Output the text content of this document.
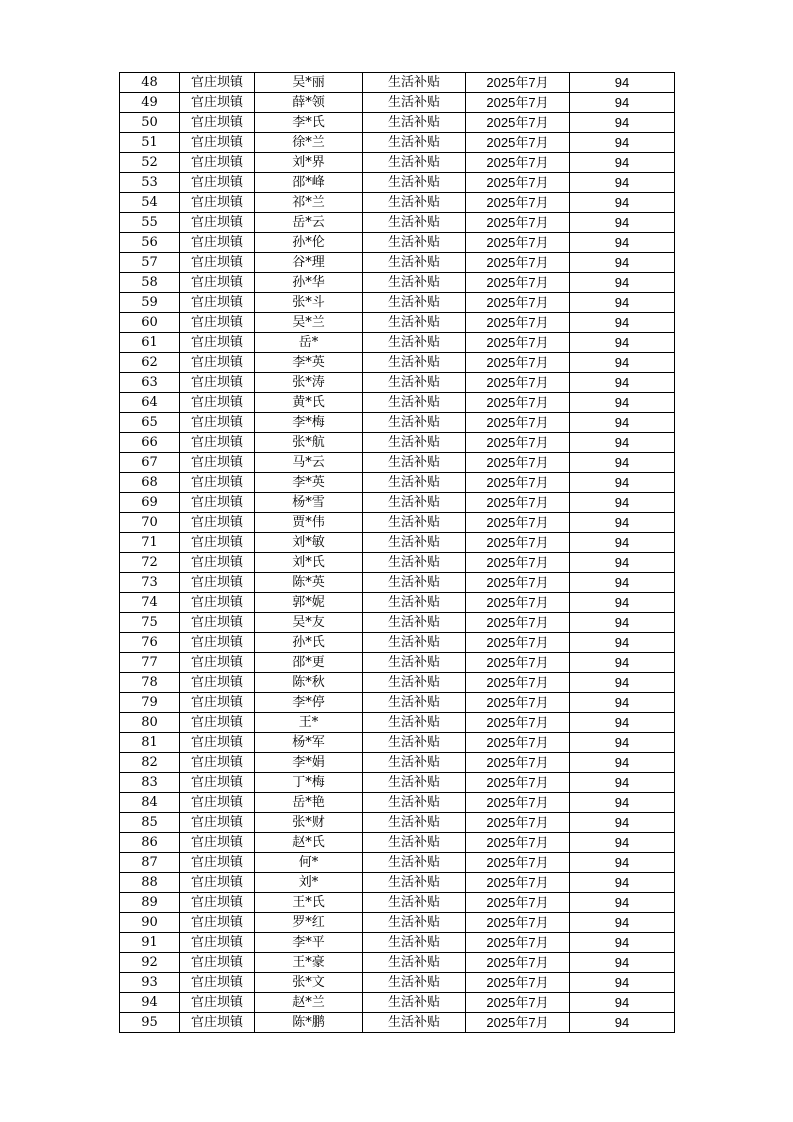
48	官庄坝镇	吴*丽	生活补贴	2025年7月	94
49	官庄坝镇	薛*领	生活补贴	2025年7月	94
50	官庄坝镇	李*氏	生活补贴	2025年7月	94
51	官庄坝镇	徐*兰	生活补贴	2025年7月	94
52	官庄坝镇	刘*界	生活补贴	2025年7月	94
53	官庄坝镇	邵*峰	生活补贴	2025年7月	94
54	官庄坝镇	祁*兰	生活补贴	2025年7月	94
55	官庄坝镇	岳*云	生活补贴	2025年7月	94
56	官庄坝镇	孙*伦	生活补贴	2025年7月	94
57	官庄坝镇	谷*理	生活补贴	2025年7月	94
58	官庄坝镇	孙*华	生活补贴	2025年7月	94
59	官庄坝镇	张*斗	生活补贴	2025年7月	94
60	官庄坝镇	吴*兰	生活补贴	2025年7月	94
61	官庄坝镇	岳*	生活补贴	2025年7月	94
62	官庄坝镇	李*英	生活补贴	2025年7月	94
63	官庄坝镇	张*涛	生活补贴	2025年7月	94
64	官庄坝镇	黄*氏	生活补贴	2025年7月	94
65	官庄坝镇	李*梅	生活补贴	2025年7月	94
66	官庄坝镇	张*航	生活补贴	2025年7月	94
67	官庄坝镇	马*云	生活补贴	2025年7月	94
68	官庄坝镇	李*英	生活补贴	2025年7月	94
69	官庄坝镇	杨*雪	生活补贴	2025年7月	94
70	官庄坝镇	贾*伟	生活补贴	2025年7月	94
71	官庄坝镇	刘*敏	生活补贴	2025年7月	94
72	官庄坝镇	刘*氏	生活补贴	2025年7月	94
73	官庄坝镇	陈*英	生活补贴	2025年7月	94
74	官庄坝镇	郭*妮	生活补贴	2025年7月	94
75	官庄坝镇	吴*友	生活补贴	2025年7月	94
76	官庄坝镇	孙*氏	生活补贴	2025年7月	94
77	官庄坝镇	邵*更	生活补贴	2025年7月	94
78	官庄坝镇	陈*秋	生活补贴	2025年7月	94
79	官庄坝镇	李*停	生活补贴	2025年7月	94
80	官庄坝镇	王*	生活补贴	2025年7月	94
81	官庄坝镇	杨*军	生活补贴	2025年7月	94
82	官庄坝镇	李*娟	生活补贴	2025年7月	94
83	官庄坝镇	丁*梅	生活补贴	2025年7月	94
84	官庄坝镇	岳*艳	生活补贴	2025年7月	94
85	官庄坝镇	张*财	生活补贴	2025年7月	94
86	官庄坝镇	赵*氏	生活补贴	2025年7月	94
87	官庄坝镇	何*	生活补贴	2025年7月	94
88	官庄坝镇	刘*	生活补贴	2025年7月	94
89	官庄坝镇	王*氏	生活补贴	2025年7月	94
90	官庄坝镇	罗*红	生活补贴	2025年7月	94
91	官庄坝镇	李*平	生活补贴	2025年7月	94
92	官庄坝镇	王*豪	生活补贴	2025年7月	94
93	官庄坝镇	张*文	生活补贴	2025年7月	94
94	官庄坝镇	赵*兰	生活补贴	2025年7月	94
95	官庄坝镇	陈*鹏	生活补贴	2025年7月	94
